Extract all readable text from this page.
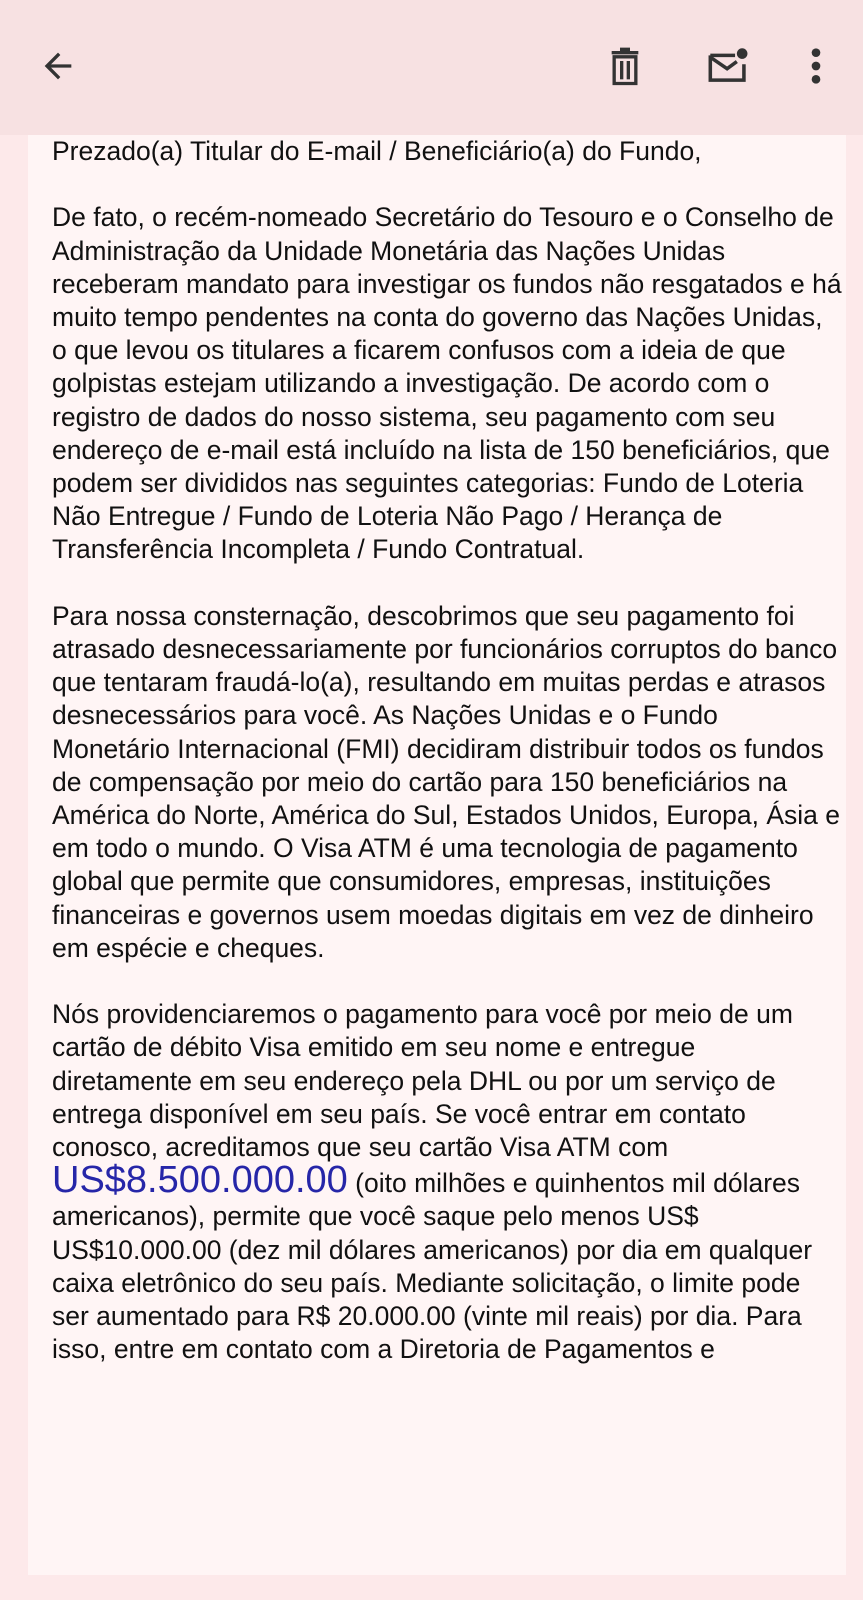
Prezado(a) Titular do E-mail / Beneficiário(a) do Fundo,

De fato, o recém-nomeado Secretário do Tesouro e o Conselho de Administração da Unidade Monetária das Nações Unidas receberam mandato para investigar os fundos não resgatados e há muito tempo pendentes na conta do governo das Nações Unidas, o que levou os titulares a ficarem confusos com a ideia de que golpistas estejam utilizando a investigação. De acordo com o registro de dados do nosso sistema, seu pagamento com seu endereço de e-mail está incluído na lista de 150 beneficiários, que podem ser divididos nas seguintes categorias: Fundo de Loteria Não Entregue / Fundo de Loteria Não Pago / Herança de Transferência Incompleta / Fundo Contratual.

Para nossa consternação, descobrimos que seu pagamento foi atrasado desnecessariamente por funcionários corruptos do banco que tentaram fraudá-lo(a), resultando em muitas perdas e atrasos desnecessários para você. As Nações Unidas e o Fundo Monetário Internacional (FMI) decidiram distribuir todos os fundos de compensação por meio do cartão para 150 beneficiários na América do Norte, América do Sul, Estados Unidos, Europa, Ásia e em todo o mundo. O Visa ATM é uma tecnologia de pagamento global que permite que consumidores, empresas, instituições financeiras e governos usem moedas digitais em vez de dinheiro em espécie e cheques.

Nós providenciaremos o pagamento para você por meio de um cartão de débito Visa emitido em seu nome e entregue diretamente em seu endereço pela DHL ou por um serviço de entrega disponível em seu país. Se você entrar em contato conosco, acreditamos que seu cartão Visa ATM com US$8.500.000.00 (oito milhões e quinhentos mil dólares americanos), permite que você saque pelo menos US$ US$10.000.00 (dez mil dólares americanos) por dia em qualquer caixa eletrônico do seu país. Mediante solicitação, o limite pode ser aumentado para R$ 20.000.00 (vinte mil reais) por dia. Para isso, entre em contato com a Diretoria de Pagamentos e
